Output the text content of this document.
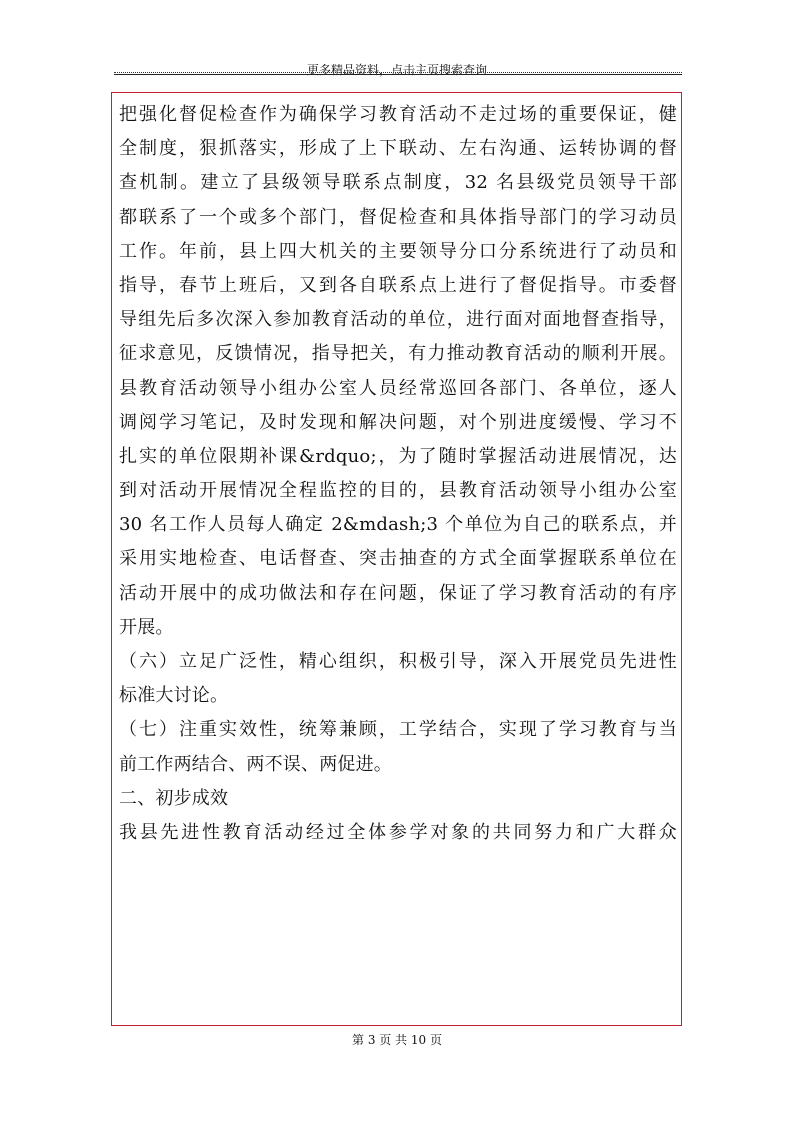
更多精品资料，点击主页搜索查询
把强化督促检查作为确保学习教育活动不走过场的重要保证，健
全制度，狠抓落实，形成了上下联动、左右沟通、运转协调的督
查机制。建立了县级领导联系点制度，32 名县级党员领导干部
都联系了一个或多个部门，督促检查和具体指导部门的学习动员
工作。年前，县上四大机关的主要领导分口分系统进行了动员和
指导，春节上班后，又到各自联系点上进行了督促指导。市委督
导组先后多次深入参加教育活动的单位，进行面对面地督查指导，
征求意见，反馈情况，指导把关，有力推动教育活动的顺利开展。
县教育活动领导小组办公室人员经常巡回各部门、各单位，逐人
调阅学习笔记，及时发现和解决问题，对个别进度缓慢、学习不
扎实的单位限期补课&rdquo;，为了随时掌握活动进展情况，达
到对活动开展情况全程监控的目的，县教育活动领导小组办公室
30 名工作人员每人确定 2&mdash;3 个单位为自己的联系点，并
采用实地检查、电话督查、突击抽查的方式全面掌握联系单位在
活动开展中的成功做法和存在问题，保证了学习教育活动的有序
开展。
（六）立足广泛性，精心组织，积极引导，深入开展党员先进性
标准大讨论。
（七）注重实效性，统筹兼顾，工学结合，实现了学习教育与当
前工作两结合、两不误、两促进。
二、初步成效
我县先进性教育活动经过全体参学对象的共同努力和广大群众
第 3 页 共 10 页
